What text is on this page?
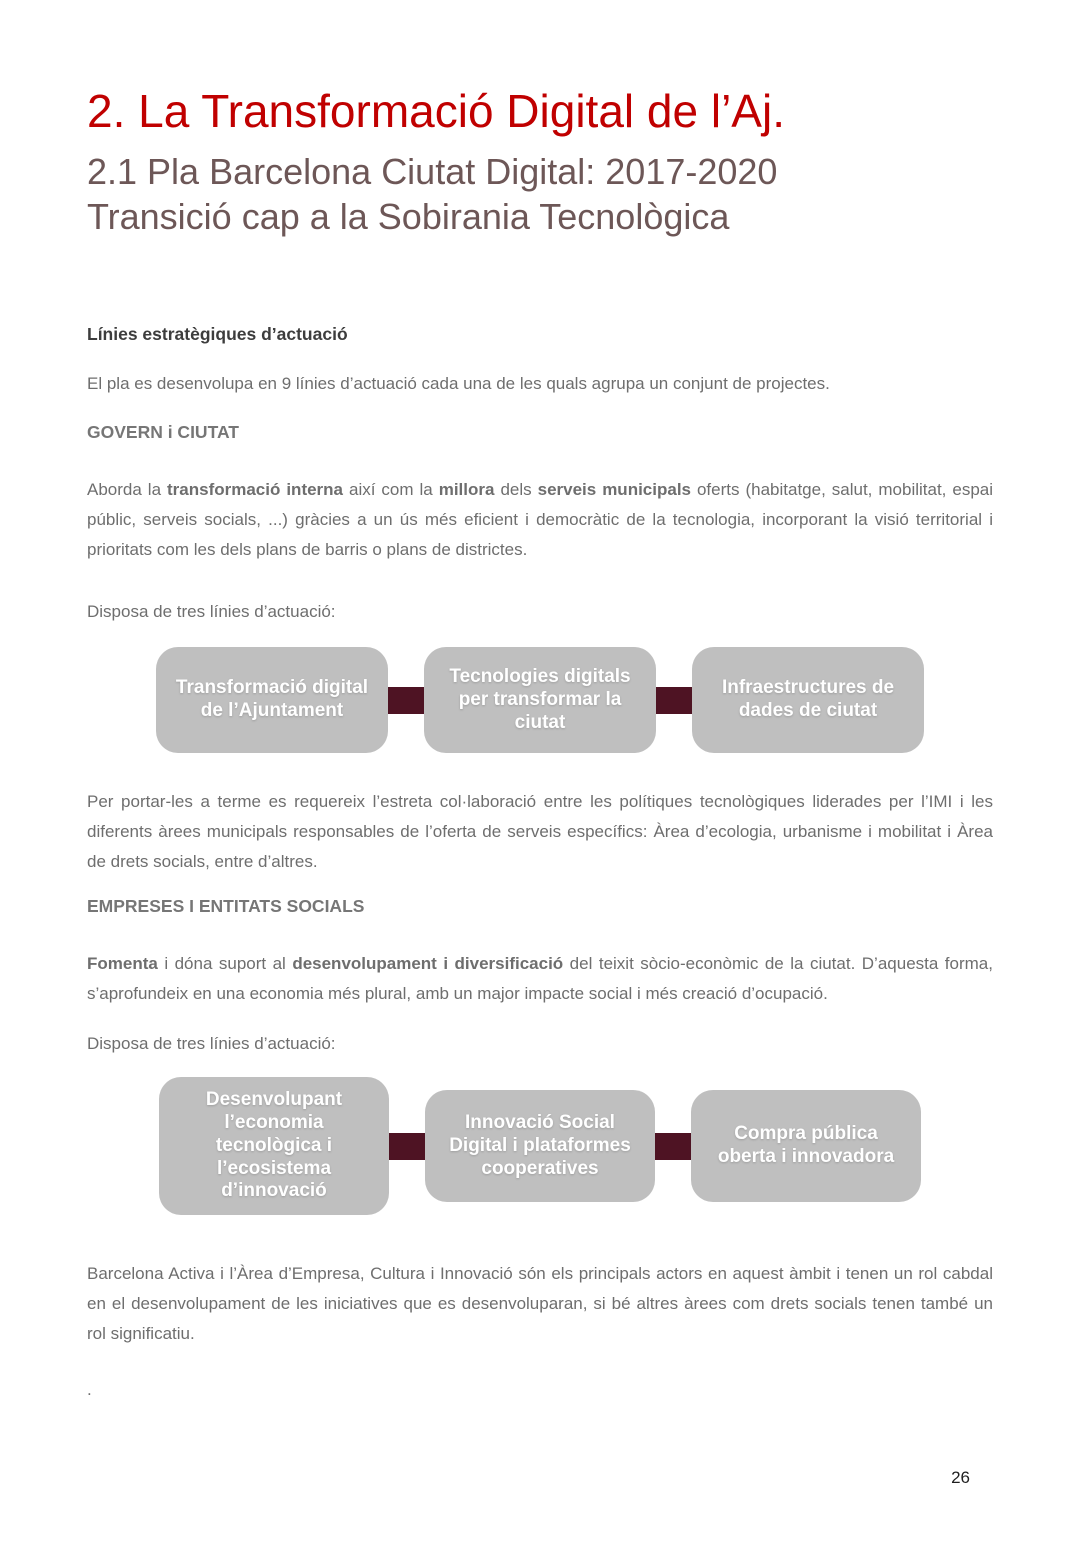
2. La Transformació Digital de l’Aj.
2.1 Pla Barcelona Ciutat Digital: 2017-2020
Transició cap a la Sobirania Tecnològica
Línies estratègiques d’actuació

El pla es desenvolupa en 9 línies d’actuació cada una de les quals agrupa un conjunt de projectes.

GOVERN i CIUTAT

Aborda la transformació interna així com la millora dels serveis municipals oferts (habitatge, salut, mobilitat, espai públic, serveis socials, ...) gràcies a un ús més eficient i democràtic de la tecnologia, incorporant la visió territorial i prioritats com les dels plans de barris o plans de districtes.

Disposa de tres línies d’actuació:

Transformació digital de l’Ajuntament
Tecnologies digitals per transformar la ciutat
Infraestructures de dades de ciutat

Per portar-les a terme es requereix l’estreta col·laboració entre les polítiques tecnològiques liderades per l’IMI i les diferents àrees municipals responsables de l’oferta de serveis específics: Àrea d’ecologia, urbanisme i mobilitat i Àrea de drets socials, entre d’altres.

EMPRESES I ENTITATS SOCIALS

Fomenta i dóna suport al desenvolupament i diversificació del teixit sòcio-econòmic de la ciutat. D’aquesta forma, s’aprofundeix en una economia més plural, amb un major impacte social i més creació d’ocupació.

Disposa de tres línies d’actuació:

Desenvolupant l’economia tecnològica i l’ecosistema d’innovació
Innovació Social Digital i plataformes cooperatives
Compra pública oberta i innovadora

Barcelona Activa i l’Àrea d’Empresa, Cultura i Innovació són els principals actors en aquest àmbit i tenen un rol cabdal en el desenvolupament de les iniciatives que es desenvoluparan, si bé altres àrees com drets socials tenen també un rol significatiu.

.

26
